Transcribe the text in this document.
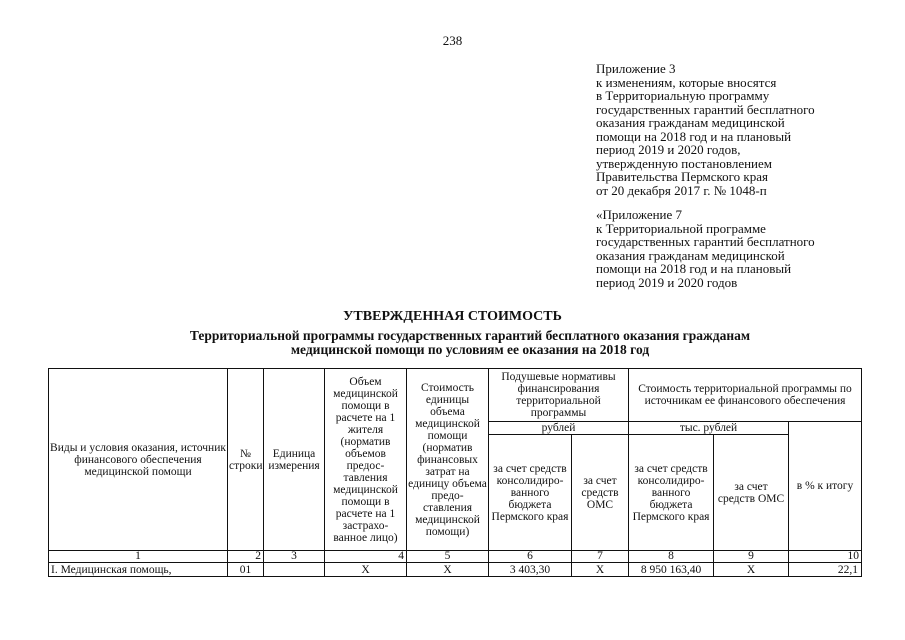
238
Приложение 3
к изменениям, которые вносятся
в Территориальную программу
государственных гарантий бесплатного
оказания гражданам медицинской
помощи на 2018 год и на плановый
период 2019 и 2020 годов,
утвержденную постановлением
Правительства Пермского края
от 20 декабря 2017 г. № 1048-п
«Приложение 7
к Территориальной программе
государственных гарантий бесплатного
оказания гражданам медицинской
помощи на 2018 год и на плановый
период 2019 и 2020 годов
УТВЕРЖДЕННАЯ СТОИМОСТЬ
Территориальной программы государственных гарантий бесплатного оказания гражданам медицинской помощи по условиям ее оказания на 2018 год
Виды и условия оказания, источник финансового обеспечения медицинской помощи	№ строки	Единица измерения	Объем медицинской помощи в расчете на 1 жителя (норматив объемов предос-тавления медицинской помощи в расчете на 1 застрахо-ванное лицо)	Стоимость единицы объема медицинской помощи (норматив финансовых затрат на единицу объема предо-ставления медицинской помощи)	Подушевые нормативы финансирования территориальной программы		Стоимость территориальной программы по источникам ее финансового обеспечения		
					рублей		тыс. рублей		в % к итогу
					за счет средств консолидиро-ванного бюджета Пермского края	за счет средств ОМС	за счет средств консолидиро-ванного бюджета Пермского края	за счет средств ОМС	
1	2	3	4	5	6	7	8	9	10
I. Медицинская помощь,	01		Х	Х	3 403,30	Х	8 950 163,40	Х	22,1
